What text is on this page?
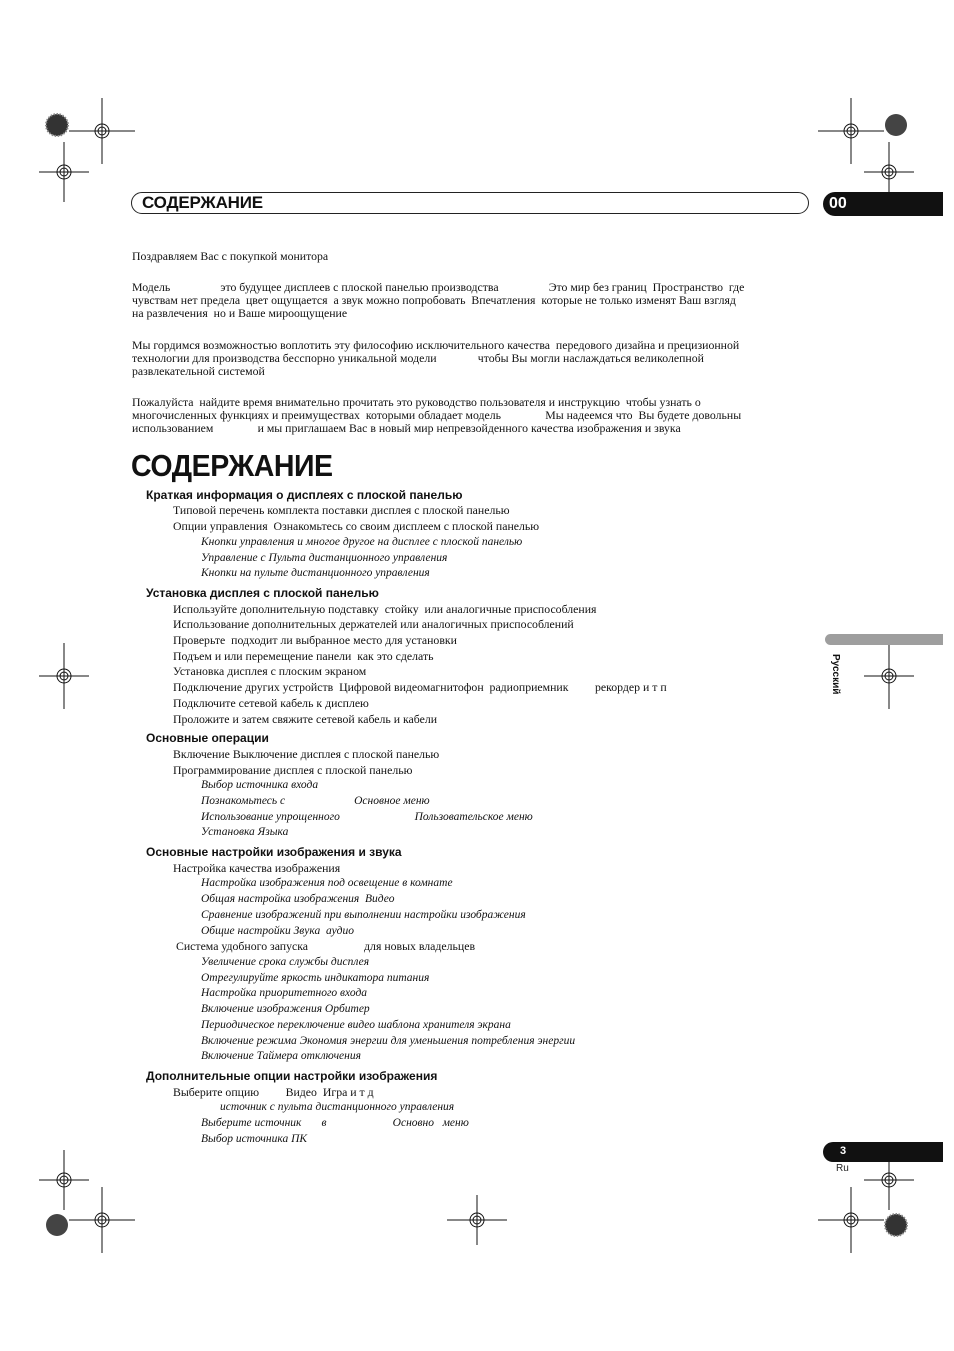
СОДЕРЖАНИЕ	00
Поздравляем Вас с покупкой монитора
Модель                 это будущее дисплеев с плоской панелью производства                 Это мир без границ  Пространство  где
чувствам нет предела  цвет ощущается  а звук можно попробовать  Впечатления  которые не только изменят Ваш взгляд
на развлечения  но и Ваше мироощущение
Мы гордимся возможностью воплотить эту философию исключительного качества  передового дизайна и прецизионной
технологии для производства бесспорно уникальной модели              чтобы Вы могли наслаждаться великолепной
развлекательной системой
Пожалуйста  найдите время внимательно прочитать это руководство пользователя и инструкцию  чтобы узнать о
многочисленных функциях и преимуществах  которыми обладает модель               Мы надеемся что  Вы будете довольны
использованием               и мы приглашаем Вас в новый мир непревзойденного качества изображения и звука
СОДЕРЖАНИЕ
Краткая информация о дисплеях с плоской панелью
Типовой перечень комплекта поставки дисплея с плоской панелью
Опции управления  Ознакомьтесь со своим дисплеем с плоской панелью
Кнопки управления и многое другое на дисплее с плоской панелью
Управление с Пульта дистанционного управления
Кнопки на пульте дистанционного управления
Установка дисплея с плоской панелью
Используйте дополнительную подставку  стойку  или аналогичные приспособления
Использование дополнительных держателей или аналогичных приспособлений
Проверьте  подходит ли выбранное место для установки
Подъем и или перемещение панели  как это сделать
Установка дисплея с плоским экраном
Подключение других устройств  Цифровой видеомагнитофон  радиоприемник         рекордер и т п
Подключите сетевой кабель к дисплею
Проложите и затем свяжите сетевой кабель и кабели
Основные операции
Включение Выключение дисплея с плоской панелью
Программирование дисплея с плоской панелью
Выбор источника входа
Познакомьтесь с                        Основное меню
Использование упрощенного                          Пользовательское меню
Установка Языка
Основные настройки изображения и звука
Настройка качества изображения
Настройка изображения под освещение в комнате
Общая настройка изображения  Видео
Сравнение изображений при выполнении настройки изображения
Общие настройки Звука  аудио
Система удобного запуска                   для новых владельцев
Увеличение срока службы дисплея
Отрегулируйте яркость индикатора питания
Настройка приоритетного входа
Включение изображения Орбитер
Периодическое переключение видео шаблона хранителя экрана
Включение режима Экономия энергии для уменьшения потребления энергии
Включение Таймера отключения
Дополнительные опции настройки изображения
Выберите опцию         Видео  Игра и т д
источник с пульта дистанционного управления
Выберите источник       в                       Основно   меню
Выбор источника ПК
Русский
3
Ru
